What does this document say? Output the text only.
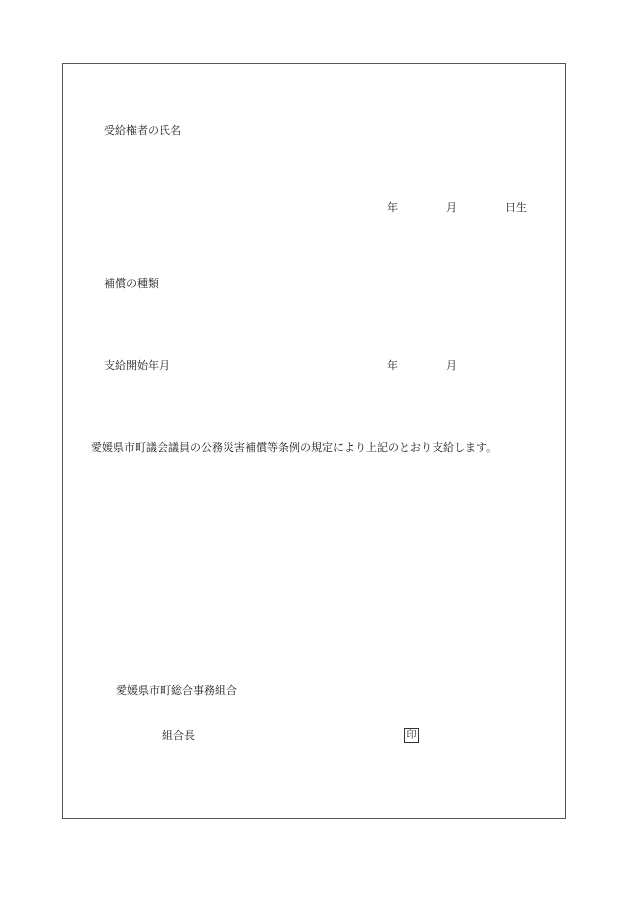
受給権者の氏名
年	月	日生
補償の種類
支給開始年月	年	月
愛媛県市町議会議員の公務災害補償等条例の規定により上記のとおり支給します。
愛媛県市町総合事務組合
組合長	印
